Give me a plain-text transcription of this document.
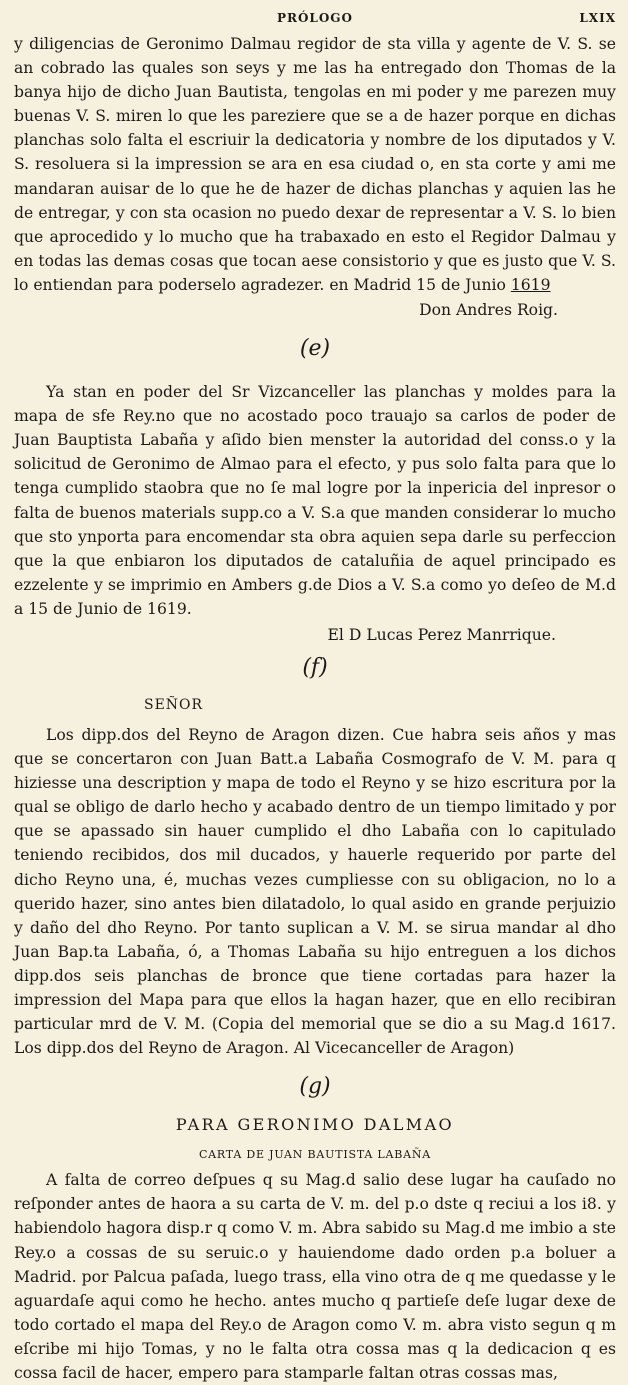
PRÓLOGO	LXIX

y diligencias de Geronimo Dalmau regidor de sta villa y agente de V. S. se an cobrado las quales son seys y me las ha entregado don Thomas de la banya hijo de dicho Juan Bautista, tengolas en mi poder y me parezen muy buenas V. S. miren lo que les pareziere que se a de hazer porque en dichas planchas solo falta el escriuir la dedicatoria y nombre de los diputados y V. S. resoluera si la impression se ara en esa ciudad o, en sta corte y ami me mandaran auisar de lo que he de hazer de dichas planchas y aquien las he de entregar, y con sta ocasion no puedo dexar de representar a V. S. lo bien que aprocedido y lo mucho que ha trabaxado en esto el Regidor Dalmau y en todas las demas cosas que tocan aese consistorio y que es justo que V. S. lo entiendan para poderselo agradezer. en Madrid 15 de Junio 1619

Don Andres Roig.

(e)

Ya stan en poder del Sr Vizcanceller las planchas y moldes para la mapa de sfe Rey.no que no acostado poco trauajo sa carlos de poder de Juan Bauptista Labaña y aſido bien menster la autoridad del conss.o y la solicitud de Geronimo de Almao para el efecto, y pus solo falta para que lo tenga cumplido staobra que no ſe mal logre por la inpericia del inpresor o falta de buenos materials supp.co a V. S.a que manden considerar lo mucho que sto ynporta para encomendar sta obra aquien sepa darle su perfeccion que la que enbiaron los diputados de cataluñia de aquel principado es ezzelente y se imprimio en Ambers g.de Dios a V. S.a como yo deſeo de M.d a 15 de Junio de 1619.

El D Lucas Perez Manrrique.

(f)
SEÑOR

Los dipp.dos del Reyno de Aragon dizen. Cue habra seis años y mas que se concertaron con Juan Batt.a Labaña Cosmografo de V. M. para q hiziesse una description y mapa de todo el Reyno y se hizo escritura por la qual se obligo de darlo hecho y acabado dentro de un tiempo limitado y por que se apassado sin hauer cumplido el dho Labaña con lo capitulado teniendo recibidos, dos mil ducados, y hauerle requerido por parte del dicho Reyno una, é, muchas vezes cumpliesse con su obligacion, no lo a querido hazer, sino antes bien dilatadolo, lo qual asido en grande perjuizio y daño del dho Reyno. Por tanto suplican a V. M. se sirua mandar al dho Juan Bap.ta Labaña, ó, a Thomas Labaña su hijo entreguen a los dichos dipp.dos seis planchas de bronce que tiene cortadas para hazer la impression del Mapa para que ellos la hagan hazer, que en ello recibiran particular mrd de V. M. (Copia del memorial que se dio a su Mag.d 1617. Los dipp.dos del Reyno de Aragon. Al Vicecanceller de Aragon)

(g)
PARA GERONIMO DALMAO
CARTA DE JUAN BAUTISTA LABAÑA

A falta de correo deſpues q su Mag.d salio dese lugar ha cauſado no reſponder antes de haora a su carta de V. m. del p.o dste q reciui a los i8. y habiendolo hagora disp.r q como V. m. Abra sabido su Mag.d me imbio a ste Rey.o a cossas de su seruic.o y hauiendome dado orden p.a boluer a Madrid. por Palcua paſada, luego trass, ella vino otra de q me quedasse y le aguardaſe aqui como he hecho. antes mucho q partieſe deſe lugar dexe de todo cortado el mapa del Rey.o de Aragon como V. m. abra visto segun q m eſcribe mi hijo Tomas, y no le falta otra cossa mas q la dedicacion q es cossa facil de hacer, empero para stamparle faltan otras cossas mas,
